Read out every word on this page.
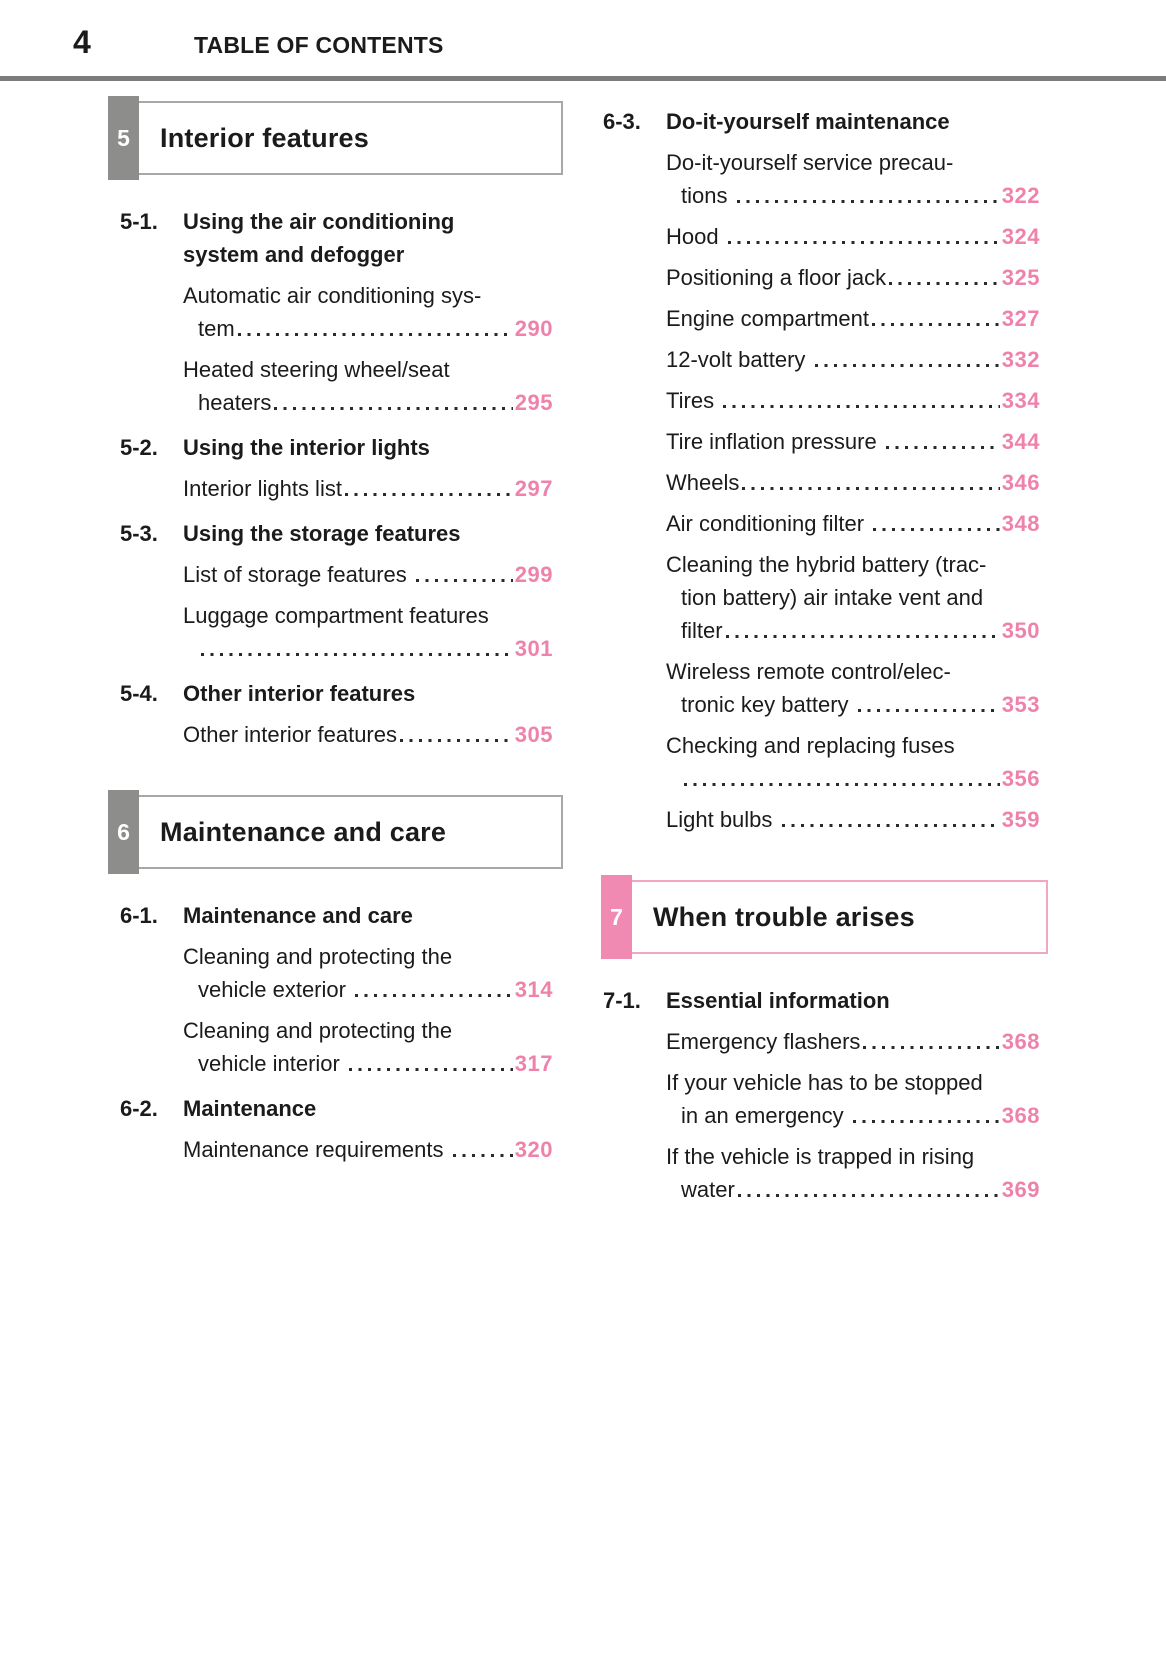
4	TABLE OF CONTENTS
5	Interior features
5-1.	Using the air conditioning
system and defogger
Automatic air conditioning sys-
tem	290
Heated steering wheel/seat
heaters	295
5-2.	Using the interior lights
Interior lights list	297
5-3.	Using the storage features
List of storage features	299
Luggage compartment features
301
5-4.	Other interior features
Other interior features	305
6	Maintenance and care
6-1.	Maintenance and care
Cleaning and protecting the
vehicle exterior	314
Cleaning and protecting the
vehicle interior	317
6-2.	Maintenance
Maintenance requirements	320
6-3.	Do-it-yourself maintenance
Do-it-yourself service precau-
tions	322
Hood	324
Positioning a floor jack	325
Engine compartment	327
12-volt battery	332
Tires	334
Tire inflation pressure	344
Wheels	346
Air conditioning filter	348
Cleaning the hybrid battery (trac-
tion battery) air intake vent and
filter	350
Wireless remote control/elec-
tronic key battery	353
Checking and replacing fuses
356
Light bulbs	359
7	When trouble arises
7-1.	Essential information
Emergency flashers	368
If your vehicle has to be stopped
in an emergency	368
If the vehicle is trapped in rising
water	369
